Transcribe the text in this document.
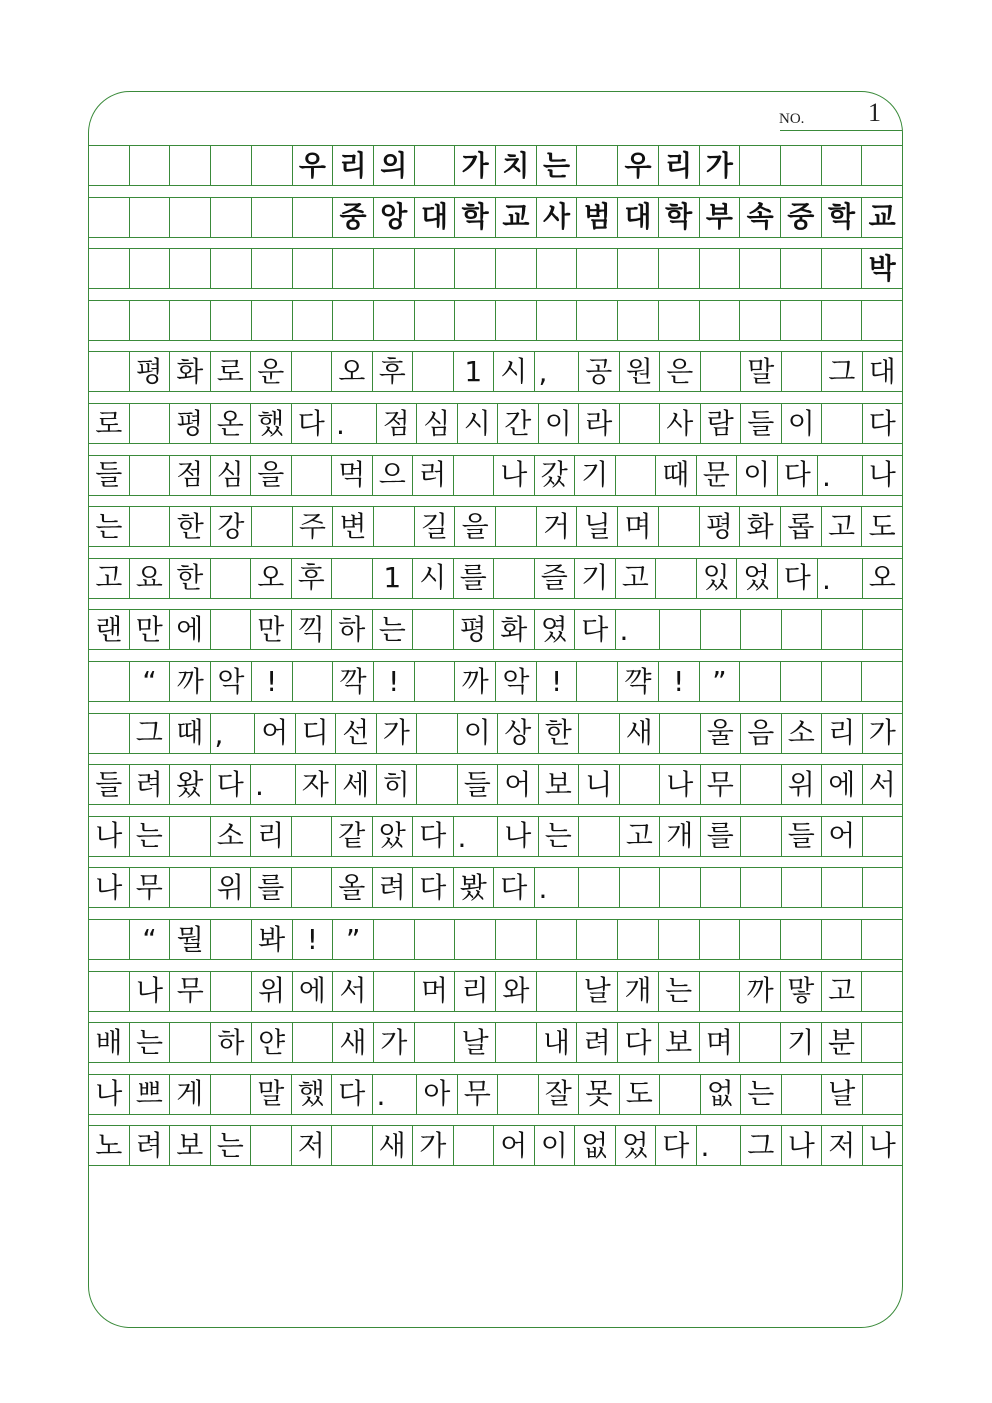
NO. 1
우 리 의 가 치 는 우 리 가
중 앙 대 학 교 사 범 대 학 부 속 중 학 교
박
평 화 로 운 오 후	1 시 ,	공 원 은 말 그 대
로 평 온 했 다 .	점 심 시 간 이 라 사 람 들 이 다
들 점 심 을 먹 으 러 나 갔 기 때 문 이 다 .	나
는 한 강 주 변 길 을 거 닐 며 평 화 롭 고 도
고 요 한 오 후	1 시 를 즐 기 고 있 었 다 .	오
랜 만 에 만 끽 하 는 평 화 였 다 .
“ 까 악 !	깍 !	까 악 !	꺅 ! ”
그 때 ,	어 디 선 가 이 상 한 새 울 음 소 리 가
들 려 왔 다 .	자 세 히 들 어 보 니 나 무 위 에 서
나 는 소 리 같 았 다 .	나 는 고 개 를 들 어
나 무 위 를 올 려 다 봤 다 .
“ 뭘 봐 ! ”
나 무 위 에 서 머 리 와 날 개 는 까 맣 고
배 는 하 얀 새 가 날 내 려 다 보 며 기 분
나 쁘 게 말 했 다 .	아 무 잘 못 도 없 는 날
노 려 보 는 저 새 가 어 이 없 었 다 .	그 나 저 나
